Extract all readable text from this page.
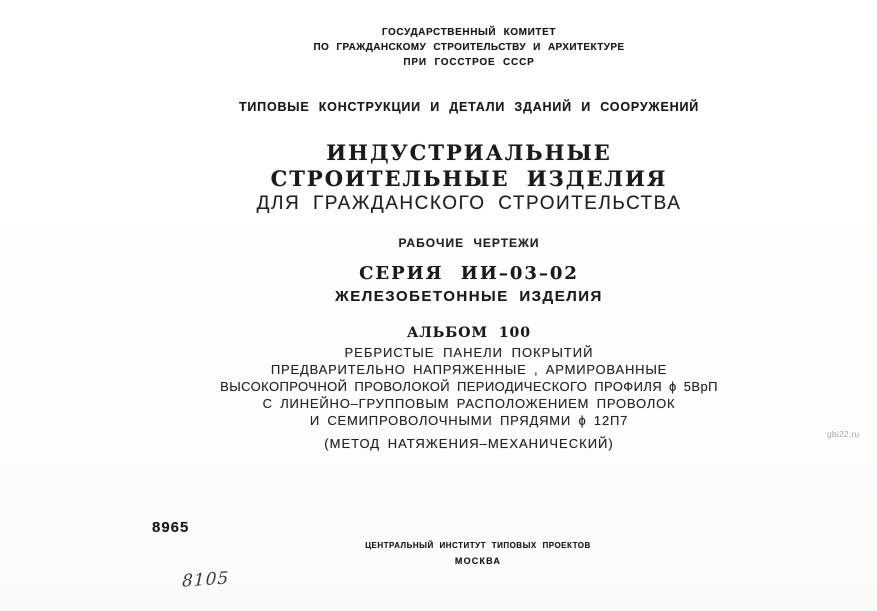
ГОСУДАРСТВЕННЫЙ КОМИТЕТ
ПО ГРАЖДАНСКОМУ СТРОИТЕЛЬСТВУ И АРХИТЕКТУРЕ
ПРИ ГОССТРОЕ СССР
ТИПОВЫЕ КОНСТРУКЦИИ И ДЕТАЛИ ЗДАНИЙ И СООРУЖЕНИЙ
ИНДУСТРИАЛЬНЫЕ
СТРОИТЕЛЬНЫЕ ИЗДЕЛИЯ
ДЛЯ ГРАЖДАНСКОГО СТРОИТЕЛЬСТВА
РАБОЧИЕ ЧЕРТЕЖИ
СЕРИЯ ИИ–03–02
ЖЕЛЕЗОБЕТОННЫЕ ИЗДЕЛИЯ
АЛЬБОМ 100
РЕБРИСТЫЕ ПАНЕЛИ ПОКРЫТИЙ
ПРЕДВАРИТЕЛЬНО НАПРЯЖЕННЫЕ , АРМИРОВАННЫЕ
ВЫСОКОПРОЧНОЙ ПРОВОЛОКОЙ ПЕРИОДИЧЕСКОГО ПРОФИЛЯ ϕ 5ВрП
С ЛИНЕЙНО–ГРУППОВЫМ РАСПОЛОЖЕНИЕМ ПРОВОЛОК
И СЕМИПРОВОЛОЧНЫМИ ПРЯДЯМИ ϕ 12П7
(МЕТОД НАТЯЖЕНИЯ–МЕХАНИЧЕСКИЙ)
ЦЕНТРАЛЬНЫЙ ИНСТИТУТ ТИПОВЫХ ПРОЕКТОВ
МОСКВА
8965
8105
gbi22.ru
